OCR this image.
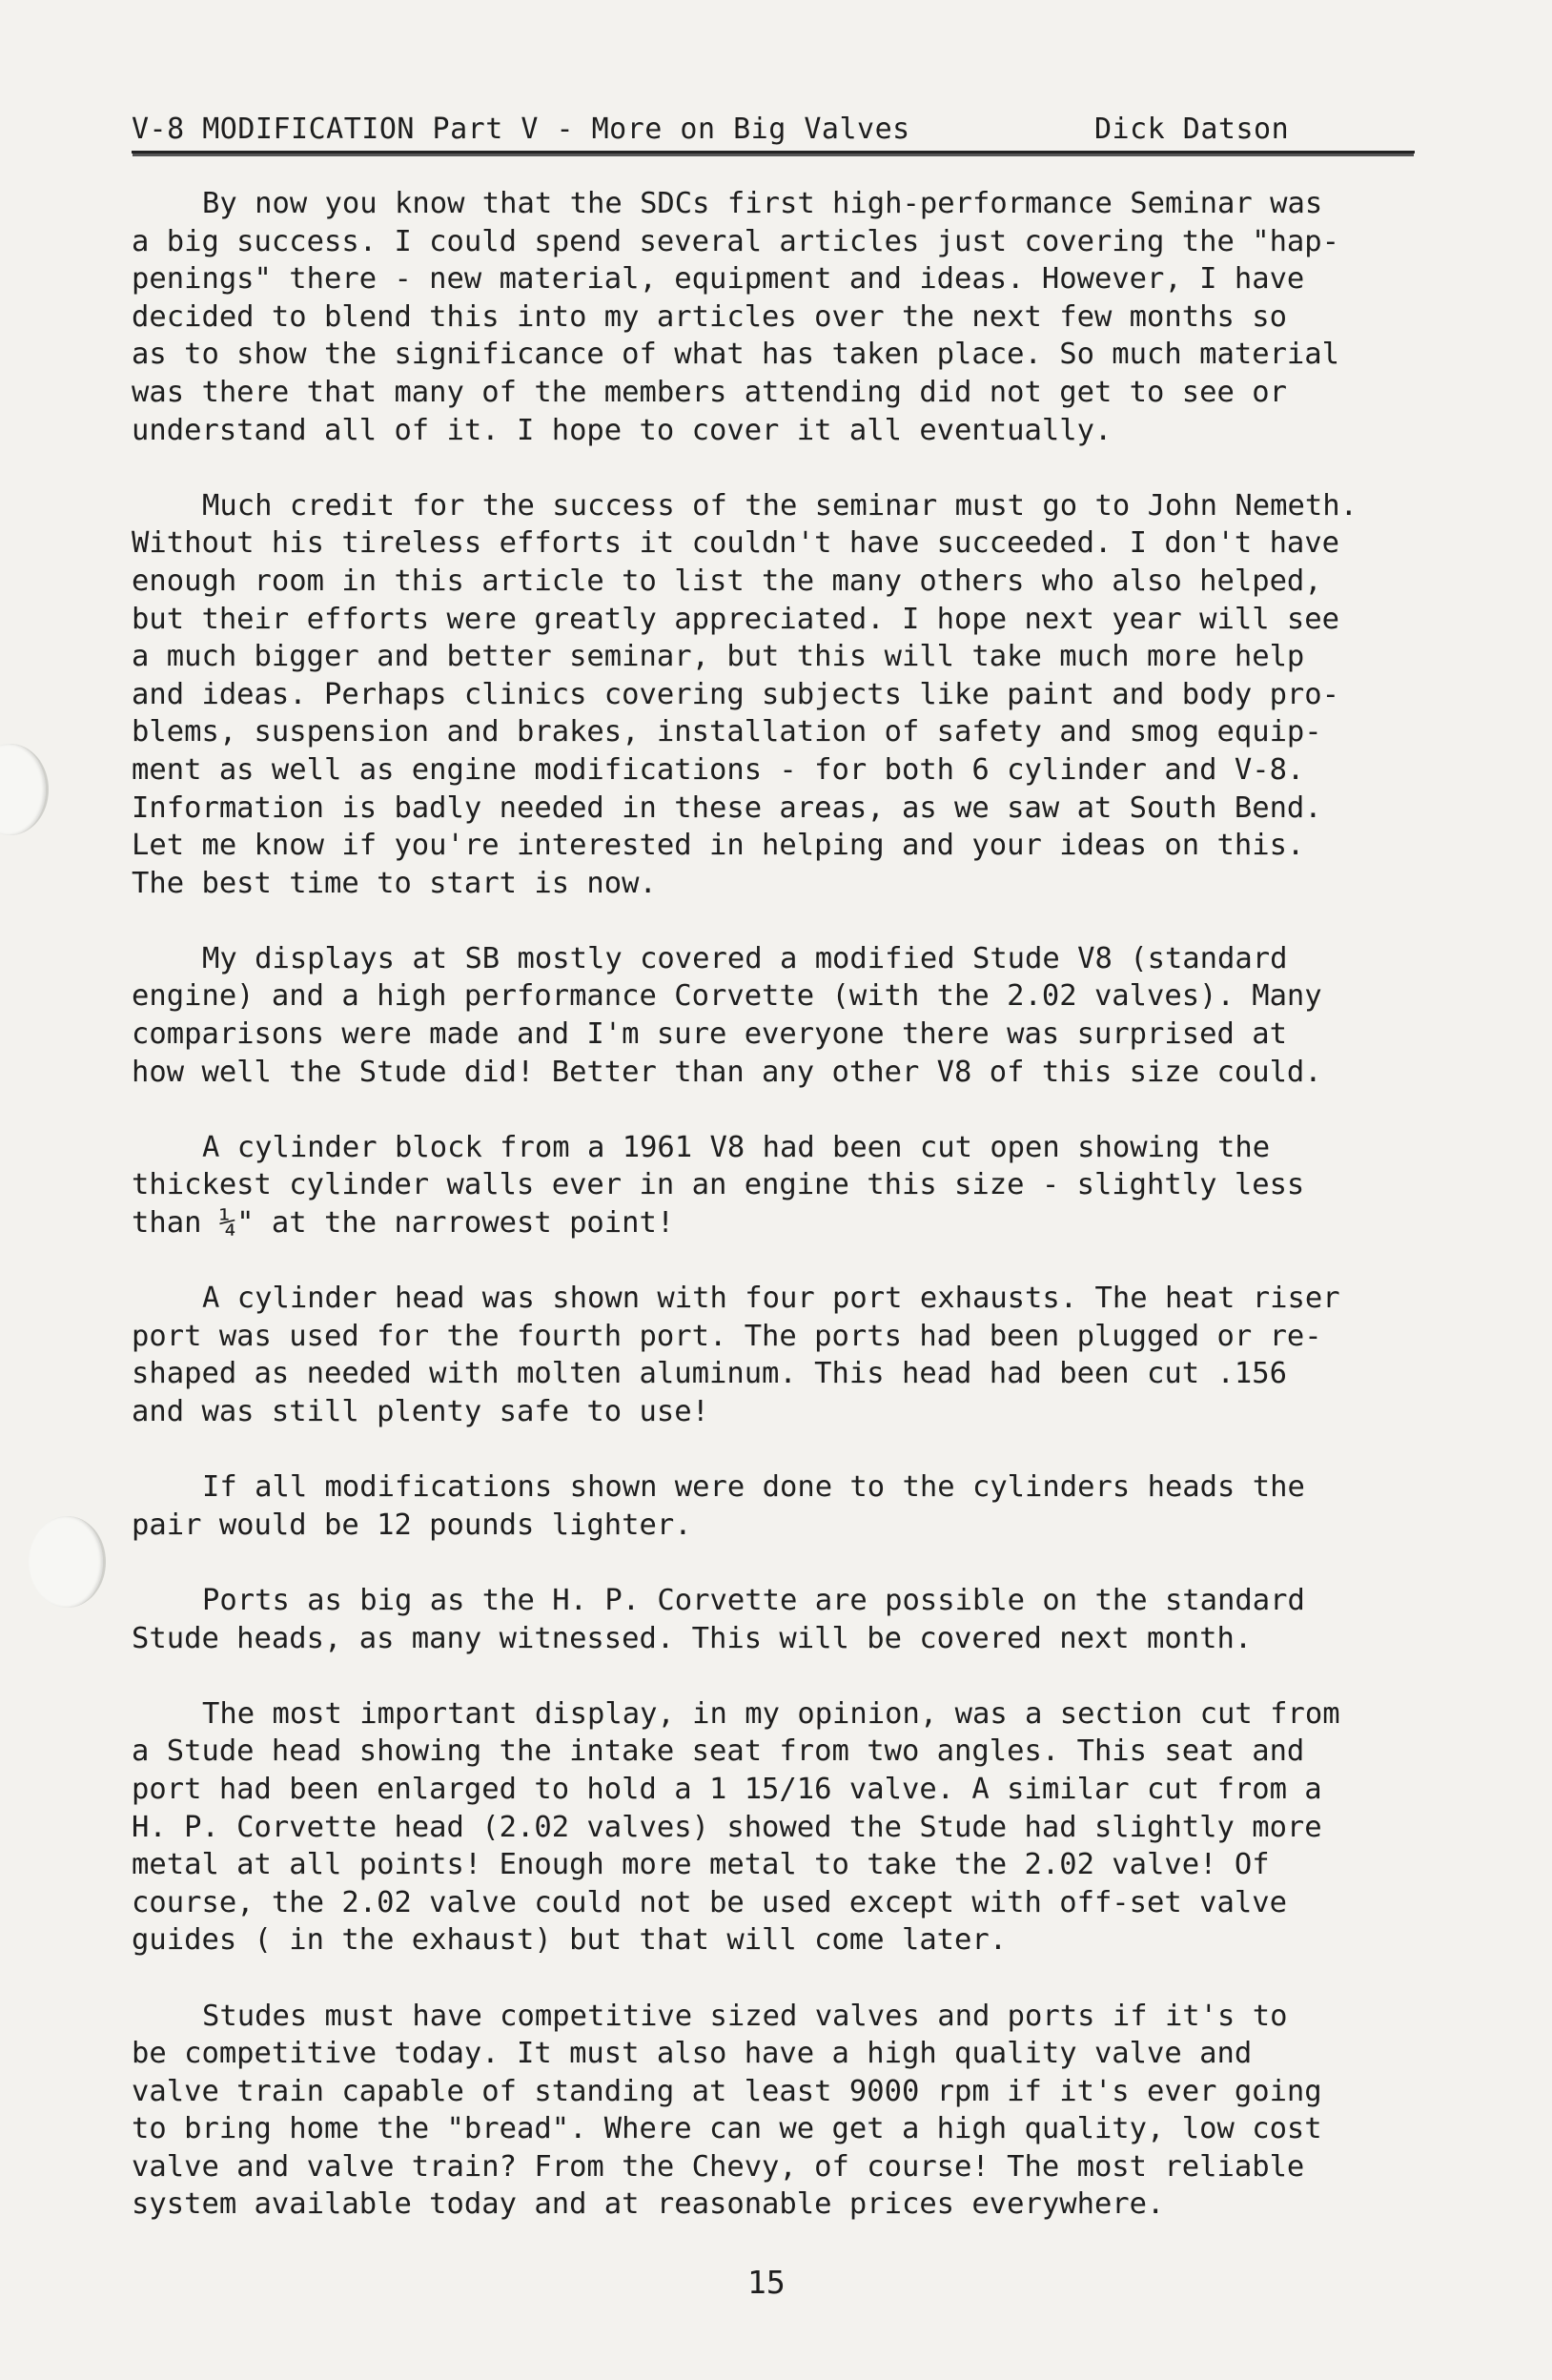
V-8 MODIFICATION Part V - More on Big Valves	Dick Datson

By now you know that the SDCs first high-performance Seminar was
a big success. I could spend several articles just covering the "hap-
penings" there - new material, equipment and ideas. However, I have
decided to blend this into my articles over the next few months so
as to show the significance of what has taken place. So much material
was there that many of the members attending did not get to see or
understand all of it. I hope to cover it all eventually.

Much credit for the success of the seminar must go to John Nemeth.
Without his tireless efforts it couldn't have succeeded. I don't have
enough room in this article to list the many others who also helped,
but their efforts were greatly appreciated. I hope next year will see
a much bigger and better seminar, but this will take much more help
and ideas. Perhaps clinics covering subjects like paint and body pro-
blems, suspension and brakes, installation of safety and smog equip-
ment as well as engine modifications - for both 6 cylinder and V-8.
Information is badly needed in these areas, as we saw at South Bend.
Let me know if you're interested in helping and your ideas on this.
The best time to start is now.

My displays at SB mostly covered a modified Stude V8 (standard
engine) and a high performance Corvette (with the 2.02 valves). Many
comparisons were made and I'm sure everyone there was surprised at
how well the Stude did! Better than any other V8 of this size could.

A cylinder block from a 1961 V8 had been cut open showing the
thickest cylinder walls ever in an engine this size - slightly less
than ¼" at the narrowest point!

A cylinder head was shown with four port exhausts. The heat riser
port was used for the fourth port. The ports had been plugged or re-
shaped as needed with molten aluminum. This head had been cut .156
and was still plenty safe to use!

If all modifications shown were done to the cylinders heads the
pair would be 12 pounds lighter.

Ports as big as the H. P. Corvette are possible on the standard
Stude heads, as many witnessed. This will be covered next month.

The most important display, in my opinion, was a section cut from
a Stude head showing the intake seat from two angles. This seat and
port had been enlarged to hold a 1 15/16 valve. A similar cut from a
H. P. Corvette head (2.02 valves) showed the Stude had slightly more
metal at all points! Enough more metal to take the 2.02 valve! Of
course, the 2.02 valve could not be used except with off-set valve
guides ( in the exhaust) but that will come later.

Studes must have competitive sized valves and ports if it's to
be competitive today. It must also have a high quality valve and
valve train capable of standing at least 9000 rpm if it's ever going
to bring home the "bread". Where can we get a high quality, low cost
valve and valve train? From the Chevy, of course! The most reliable
system available today and at reasonable prices everywhere.

15
